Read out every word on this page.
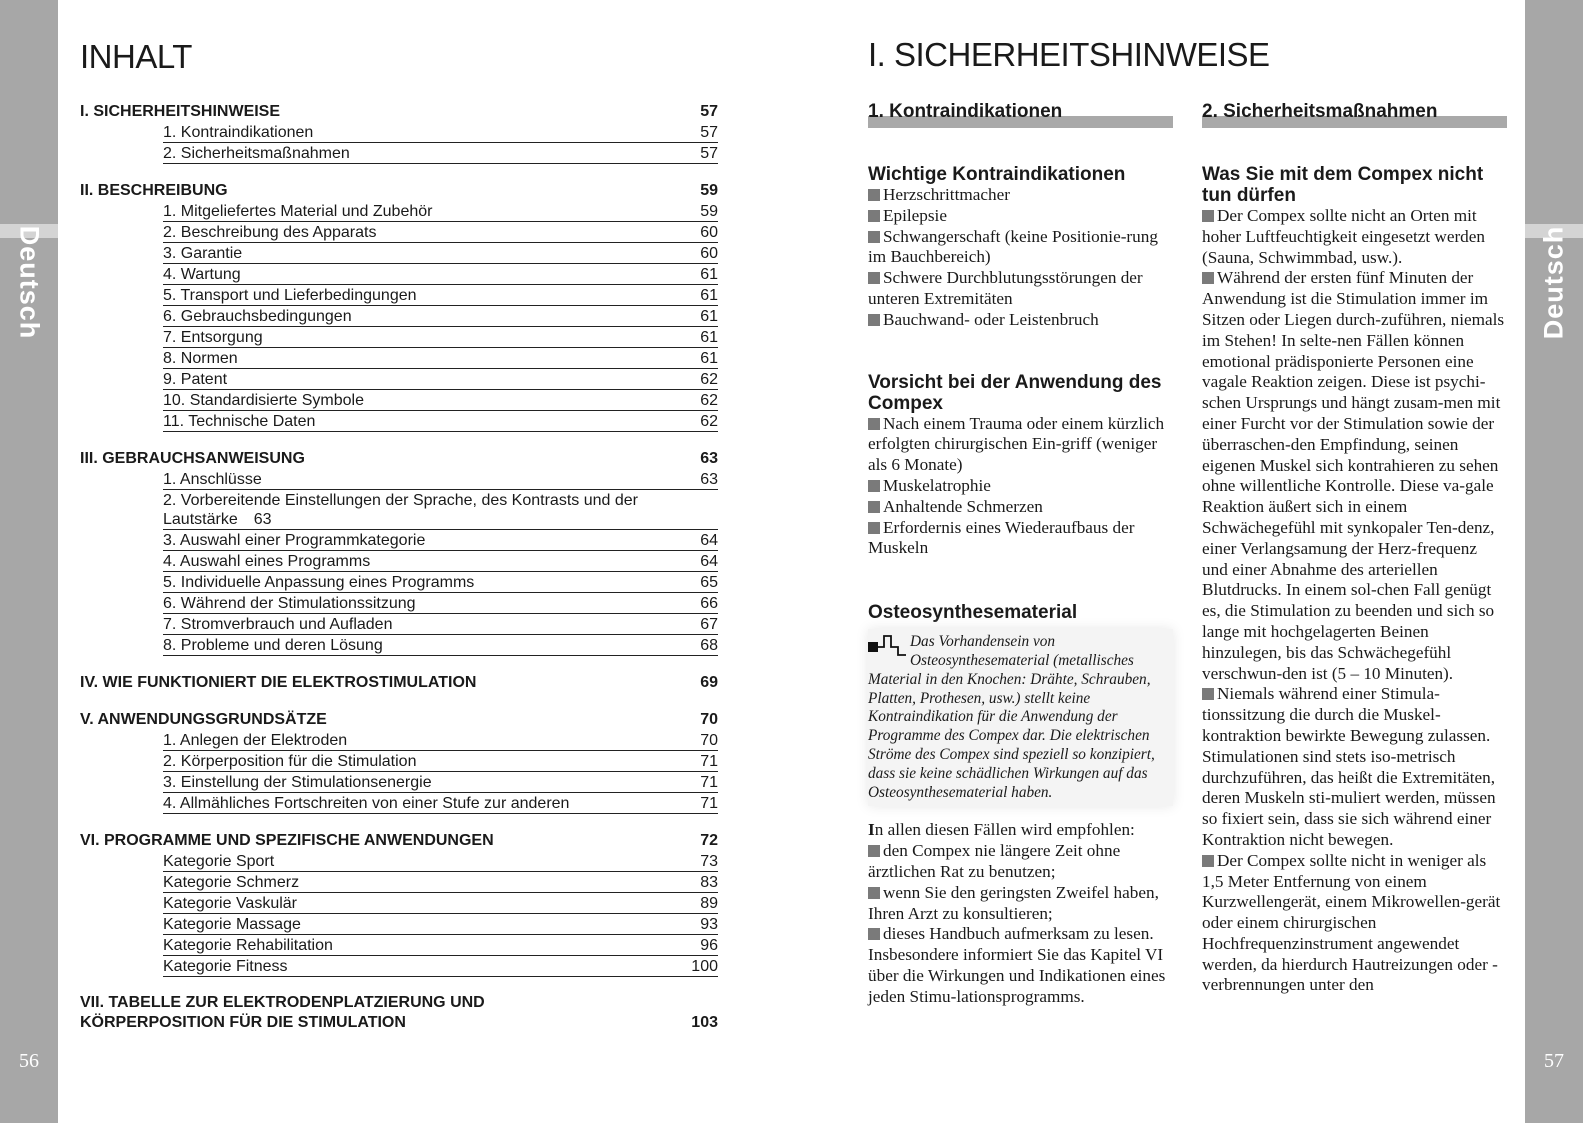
Deutsch
56
Deutsch
57
INHALT
I. SICHERHEITSHINWEISE	57
1. Kontraindikationen	57
2. Sicherheitsmaßnahmen	57
II. BESCHREIBUNG	59
1. Mitgeliefertes Material und Zubehör	59
2. Beschreibung des Apparats	60
3. Garantie	60
4. Wartung	61
5. Transport und Lieferbedingungen	61
6. Gebrauchsbedingungen	61
7. Entsorgung	61
8. Normen	61
9. Patent	62
10. Standardisierte Symbole	62
11. Technische Daten	62
III. GEBRAUCHSANWEISUNG	63
1. Anschlüsse	63
2. Vorbereitende Einstellungen der Sprache, des Kontrasts und der Lautstärke 63
3. Auswahl einer Programmkategorie	64
4. Auswahl eines Programms	64
5. Individuelle Anpassung eines Programms	65
6. Während der Stimulationssitzung	66
7. Stromverbrauch und Aufladen	67
8. Probleme und deren Lösung	68
IV. WIE FUNKTIONIERT DIE ELEKTROSTIMULATION	69
V. ANWENDUNGSGRUNDSÄTZE	70
1. Anlegen der Elektroden	70
2. Körperposition für die Stimulation	71
3. Einstellung der Stimulationsenergie	71
4. Allmähliches Fortschreiten von einer Stufe zur anderen	71
VI. PROGRAMME UND SPEZIFISCHE ANWENDUNGEN	72
Kategorie Sport	73
Kategorie Schmerz	83
Kategorie Vaskulär	89
Kategorie Massage	93
Kategorie Rehabilitation	96
Kategorie Fitness	100
VII. TABELLE ZUR ELEKTRODENPLATZIERUNG UND
KÖRPERPOSITION FÜR DIE STIMULATION	103
I. SICHERHEITSHINWEISE
1. Kontraindikationen
Wichtige Kontraindikationen
Herzschrittmacher
Epilepsie
Schwangerschaft (keine Positionie-rung im Bauchbereich)
Schwere Durchblutungsstörungen der unteren Extremitäten
Bauchwand- oder Leistenbruch
Vorsicht bei der Anwendung des Compex
Nach einem Trauma oder einem kürzlich erfolgten chirurgischen Ein-griff (weniger als 6 Monate)
Muskelatrophie
Anhaltende Schmerzen
Erfordernis eines Wiederaufbaus der Muskeln
Osteosynthesematerial
Das Vorhandensein von Osteosynthesematerial (metallisches Material in den Knochen: Drähte, Schrauben, Platten, Prothesen, usw.) stellt keine Kontraindikation für die Anwendung der Programme des Compex dar. Die elektrischen Ströme des Compex sind speziell so konzipiert, dass sie keine schädlichen Wirkungen auf das Osteosynthesematerial haben.
In allen diesen Fällen wird empfohlen:
den Compex nie längere Zeit ohne ärztlichen Rat zu benutzen;
wenn Sie den geringsten Zweifel haben, Ihren Arzt zu konsultieren;
dieses Handbuch aufmerksam zu lesen. Insbesondere informiert Sie das Kapitel VI über die Wirkungen und Indikationen eines jeden Stimu-lationsprogramms.
2. Sicherheitsmaßnahmen
Was Sie mit dem Compex nicht tun dürfen
Der Compex sollte nicht an Orten mit hoher Luftfeuchtigkeit eingesetzt werden (Sauna, Schwimmbad, usw.).
Während der ersten fünf Minuten der Anwendung ist die Stimulation immer im Sitzen oder Liegen durch-zuführen, niemals im Stehen! In selte-nen Fällen können emotional prädisponierte Personen eine vagale Reaktion zeigen. Diese ist psychi-schen Ursprungs und hängt zusam-men mit einer Furcht vor der Stimulation sowie der überraschen-den Empfindung, seinen eigenen Muskel sich kontrahieren zu sehen ohne willentliche Kontrolle. Diese va-gale Reaktion äußert sich in einem Schwächegefühl mit synkopaler Ten-denz, einer Verlangsamung der Herz-frequenz und einer Abnahme des arteriellen Blutdrucks. In einem sol-chen Fall genügt es, die Stimulation zu beenden und sich so lange mit hochgelagerten Beinen hinzulegen, bis das Schwächegefühl verschwun-den ist (5 – 10 Minuten).
Niemals während einer Stimula-tionssitzung die durch die Muskel-kontraktion bewirkte Bewegung zulassen. Stimulationen sind stets iso-metrisch durchzuführen, das heißt die Extremitäten, deren Muskeln sti-muliert werden, müssen so fixiert sein, dass sie sich während einer Kontraktion nicht bewegen.
Der Compex sollte nicht in weniger als 1,5 Meter Entfernung von einem Kurzwellengerät, einem Mikrowellen-gerät oder einem chirurgischen Hochfrequenzinstrument angewendet werden, da hierdurch Hautreizungen oder -verbrennungen unter den
